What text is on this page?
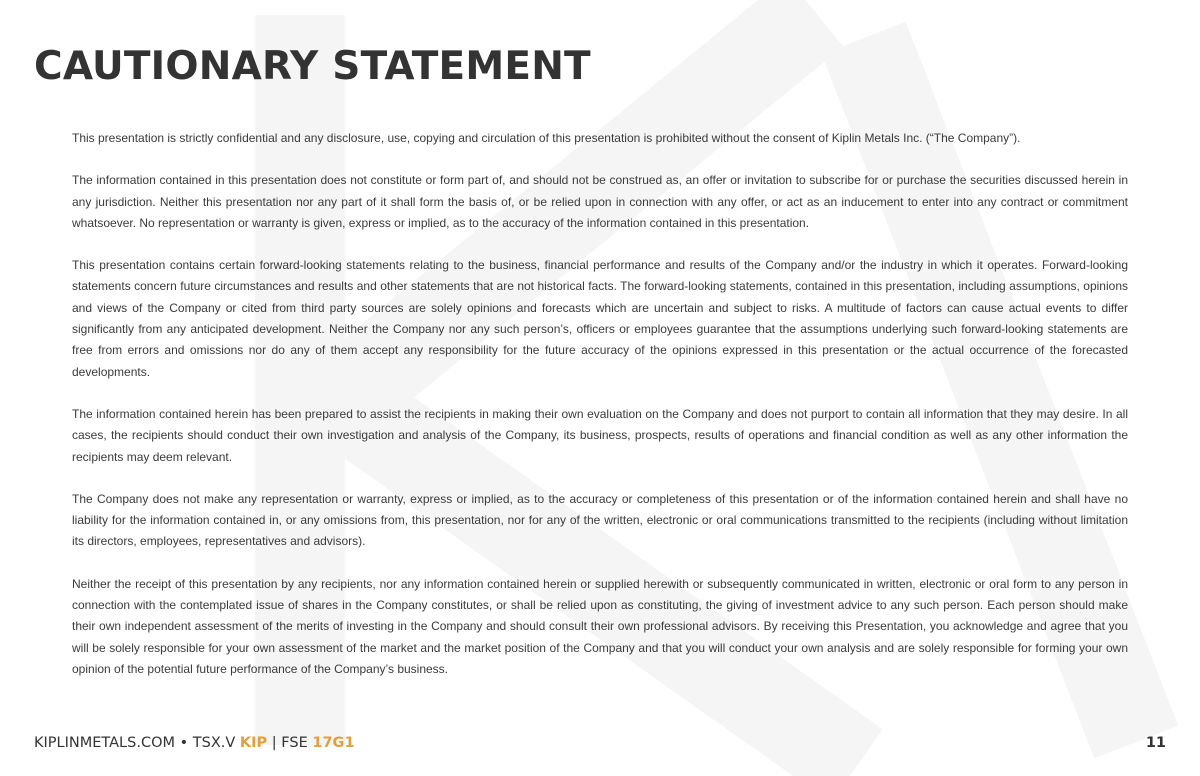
CAUTIONARY STATEMENT

This presentation is strictly confidential and any disclosure, use, copying and circulation of this presentation is prohibited without the consent of Kiplin Metals Inc. (“The Company”).

The information contained in this presentation does not constitute or form part of, and should not be construed as, an offer or invitation to subscribe for or purchase the securities discussed herein in any jurisdiction. Neither this presentation nor any part of it shall form the basis of, or be relied upon in connection with any offer, or act as an inducement to enter into any contract or commitment whatsoever. No representation or warranty is given, express or implied, as to the accuracy of the information contained in this presentation.

This presentation contains certain forward-looking statements relating to the business, financial performance and results of the Company and/or the industry in which it operates. Forward-looking statements concern future circumstances and results and other statements that are not historical facts. The forward-looking statements, contained in this presentation, including assumptions, opinions and views of the Company or cited from third party sources are solely opinions and forecasts which are uncertain and subject to risks. A multitude of factors can cause actual events to differ significantly from any anticipated development. Neither the Company nor any such person’s, officers or employees guarantee that the assumptions underlying such forward-looking statements are free from errors and omissions nor do any of them accept any responsibility for the future accuracy of the opinions expressed in this presentation or the actual occurrence of the forecasted developments.

The information contained herein has been prepared to assist the recipients in making their own evaluation on the Company and does not purport to contain all information that they may desire. In all cases, the recipients should conduct their own investigation and analysis of the Company, its business, prospects, results of operations and financial condition as well as any other information the recipients may deem relevant.

The Company does not make any representation or warranty, express or implied, as to the accuracy or completeness of this presentation or of the information contained herein and shall have no liability for the information contained in, or any omissions from, this presentation, nor for any of the written, electronic or oral communications transmitted to the recipients (including without limitation its directors, employees, representatives and advisors).

Neither the receipt of this presentation by any recipients, nor any information contained herein or supplied herewith or subsequently communicated in written, electronic or oral form to any person in connection with the contemplated issue of shares in the Company constitutes, or shall be relied upon as constituting, the giving of investment advice to any such person. Each person should make their own independent assessment of the merits of investing in the Company and should consult their own professional advisors. By receiving this Presentation, you acknowledge and agree that you will be solely responsible for your own assessment of the market and the market position of the Company and that you will conduct your own analysis and are solely responsible for forming your own opinion of the potential future performance of the Company’s business.

KIPLINMETALS.COM • TSX.V KIP | FSE 17G1	11
